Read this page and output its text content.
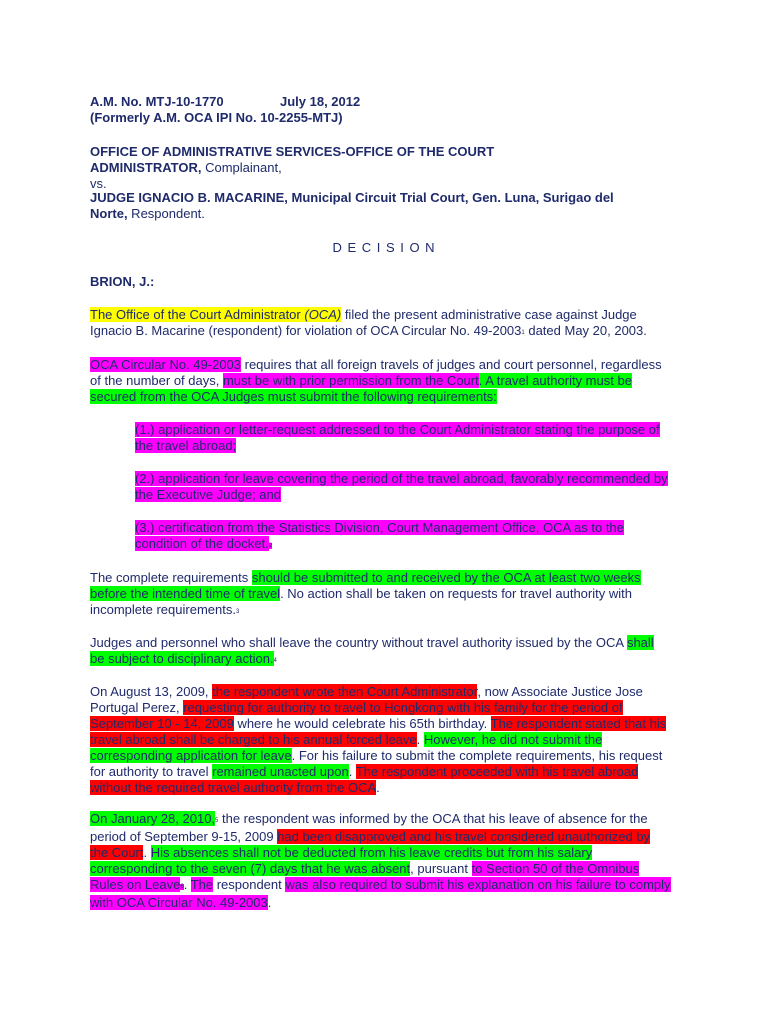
A.M. No. MTJ-10-1770	July 18, 2012
(Formerly A.M. OCA IPI No. 10-2255-MTJ)
OFFICE OF ADMINISTRATIVE SERVICES-OFFICE OF THE COURT
ADMINISTRATOR, Complainant,
vs.
JUDGE IGNACIO B. MACARINE, Municipal Circuit Trial Court, Gen. Luna, Surigao del
Norte, Respondent.
D E C I S I O N
BRION, J.:
The Office of the Court Administrator (OCA) filed the present administrative case against Judge
Ignacio B. Macarine (respondent) for violation of OCA Circular No. 49-2003$^1$ dated May 20, 2003.
OCA Circular No. 49-2003 requires that all foreign travels of judges and court personnel, regardless
of the number of days, must be with prior permission from the Court. A travel authority must be
secured from the OCA Judges must submit the following requirements:
(1.) application or letter-request addressed to the Court Administrator stating the purpose of
the travel abroad;
(2.) application for leave covering the period of the travel abroad, favorably recommended by
the Executive Judge; and
(3.) certification from the Statistics Division, Court Management Office, OCA as to the
condition of the docket.$^2$
The complete requirements should be submitted to and received by the OCA at least two weeks
before the intended time of travel. No action shall be taken on requests for travel authority with
incomplete requirements.$^3$
Judges and personnel who shall leave the country without travel authority issued by the OCA shall
be subject to disciplinary action.$^4$
On August 13, 2009, the respondent wrote then Court Administrator, now Associate Justice Jose
Portugal Perez, requesting for authority to travel to Hongkong with his family for the period of
September 10 - 14, 2009 where he would celebrate his 65th birthday. The respondent stated that his
travel abroad shall be charged to his annual forced leave. However, he did not submit the
corresponding application for leave. For his failure to submit the complete requirements, his request
for authority to travel remained unacted upon. The respondent proceeded with his travel abroad
without the required travel authority from the OCA.
On January 28, 2010,$^5$ the respondent was informed by the OCA that his leave of absence for the
period of September 9-15, 2009 had been disapproved and his travel considered unauthorized by
the Court. His absences shall not be deducted from his leave credits but from his salary
corresponding to the seven (7) days that he was absent, pursuant to Section 50 of the Omnibus
Rules on Leave$^6$. The respondent was also required to submit his explanation on his failure to comply
with OCA Circular No. 49-2003.
